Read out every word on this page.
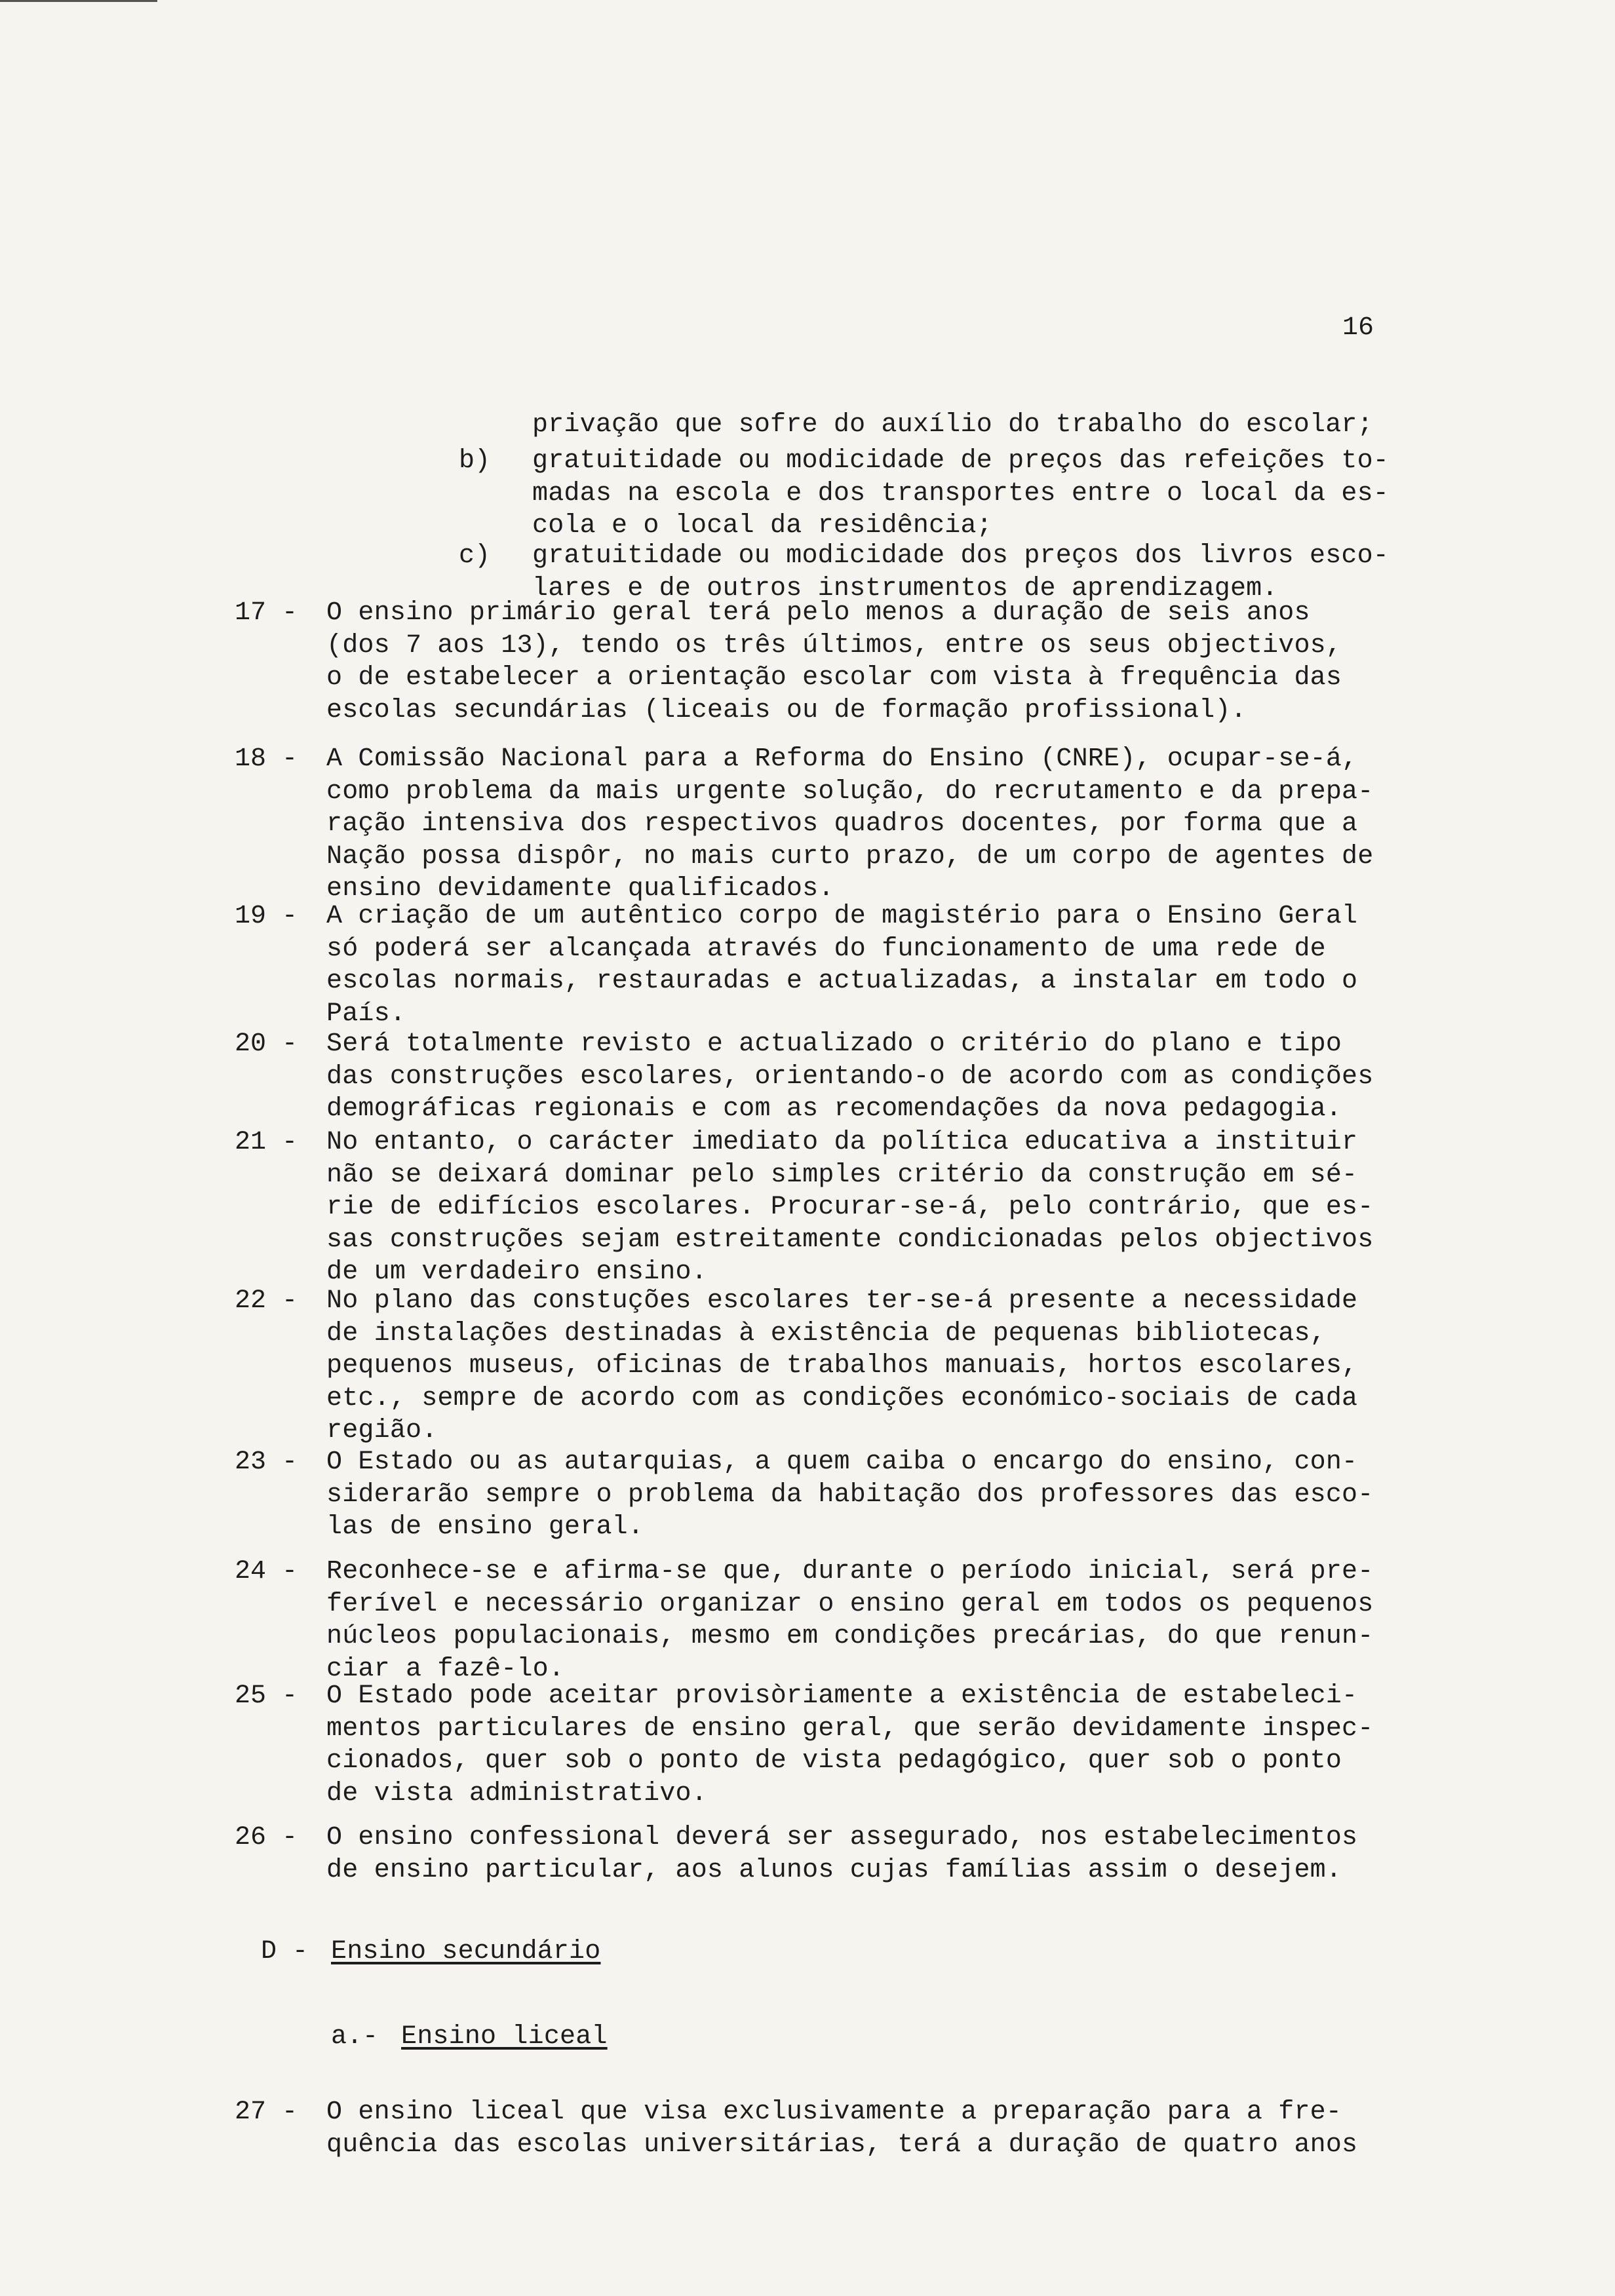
16
privação que sofre do auxílio do trabalho do escolar;
b) gratuitidade ou modicidade de preços das refeições to-
madas na escola e dos transportes entre o local da es-
cola e o local da residência;
c) gratuitidade ou modicidade dos preços dos livros esco-
lares e de outros instrumentos de aprendizagem.
17 - O ensino primário geral terá pelo menos a duração de seis anos
(dos 7 aos 13), tendo os três últimos, entre os seus objectivos,
o de estabelecer a orientação escolar com vista à frequência das
escolas secundárias (liceais ou de formação profissional).
18 - A Comissão Nacional para a Reforma do Ensino (CNRE), ocupar-se-á,
como problema da mais urgente solução, do recrutamento e da prepa-
ração intensiva dos respectivos quadros docentes, por forma que a
Nação possa dispôr, no mais curto prazo, de um corpo de agentes de
ensino devidamente qualificados.
19 - A criação de um autêntico corpo de magistério para o Ensino Geral
só poderá ser alcançada através do funcionamento de uma rede de
escolas normais, restauradas e actualizadas, a instalar em todo o
País.
20 - Será totalmente revisto e actualizado o critério do plano e tipo
das construções escolares, orientando-o de acordo com as condições
demográficas regionais e com as recomendações da nova pedagogia.
21 - No entanto, o carácter imediato da política educativa a instituir
não se deixará dominar pelo simples critério da construção em sé-
rie de edifícios escolares. Procurar-se-á, pelo contrário, que es-
sas construções sejam estreitamente condicionadas pelos objectivos
de um verdadeiro ensino.
22 - No plano das constuções escolares ter-se-á presente a necessidade
de instalações destinadas à existência de pequenas bibliotecas,
pequenos museus, oficinas de trabalhos manuais, hortos escolares,
etc., sempre de acordo com as condições económico-sociais de cada
região.
23 - O Estado ou as autarquias, a quem caiba o encargo do ensino, con-
siderarão sempre o problema da habitação dos professores das esco-
las de ensino geral.
24 - Reconhece-se e afirma-se que, durante o período inicial, será pre-
ferível e necessário organizar o ensino geral em todos os pequenos
núcleos populacionais, mesmo em condições precárias, do que renun-
ciar a fazê-lo.
25 - O Estado pode aceitar provisòriamente a existência de estabeleci-
mentos particulares de ensino geral, que serão devidamente inspec-
cionados, quer sob o ponto de vista pedagógico, quer sob o ponto
de vista administrativo.
26 - O ensino confessional deverá ser assegurado, nos estabelecimentos
de ensino particular, aos alunos cujas famílias assim o desejem.
D - Ensino secundário
a.- Ensino liceal
27 - O ensino liceal que visa exclusivamente a preparação para a fre-
quência das escolas universitárias, terá a duração de quatro anos
